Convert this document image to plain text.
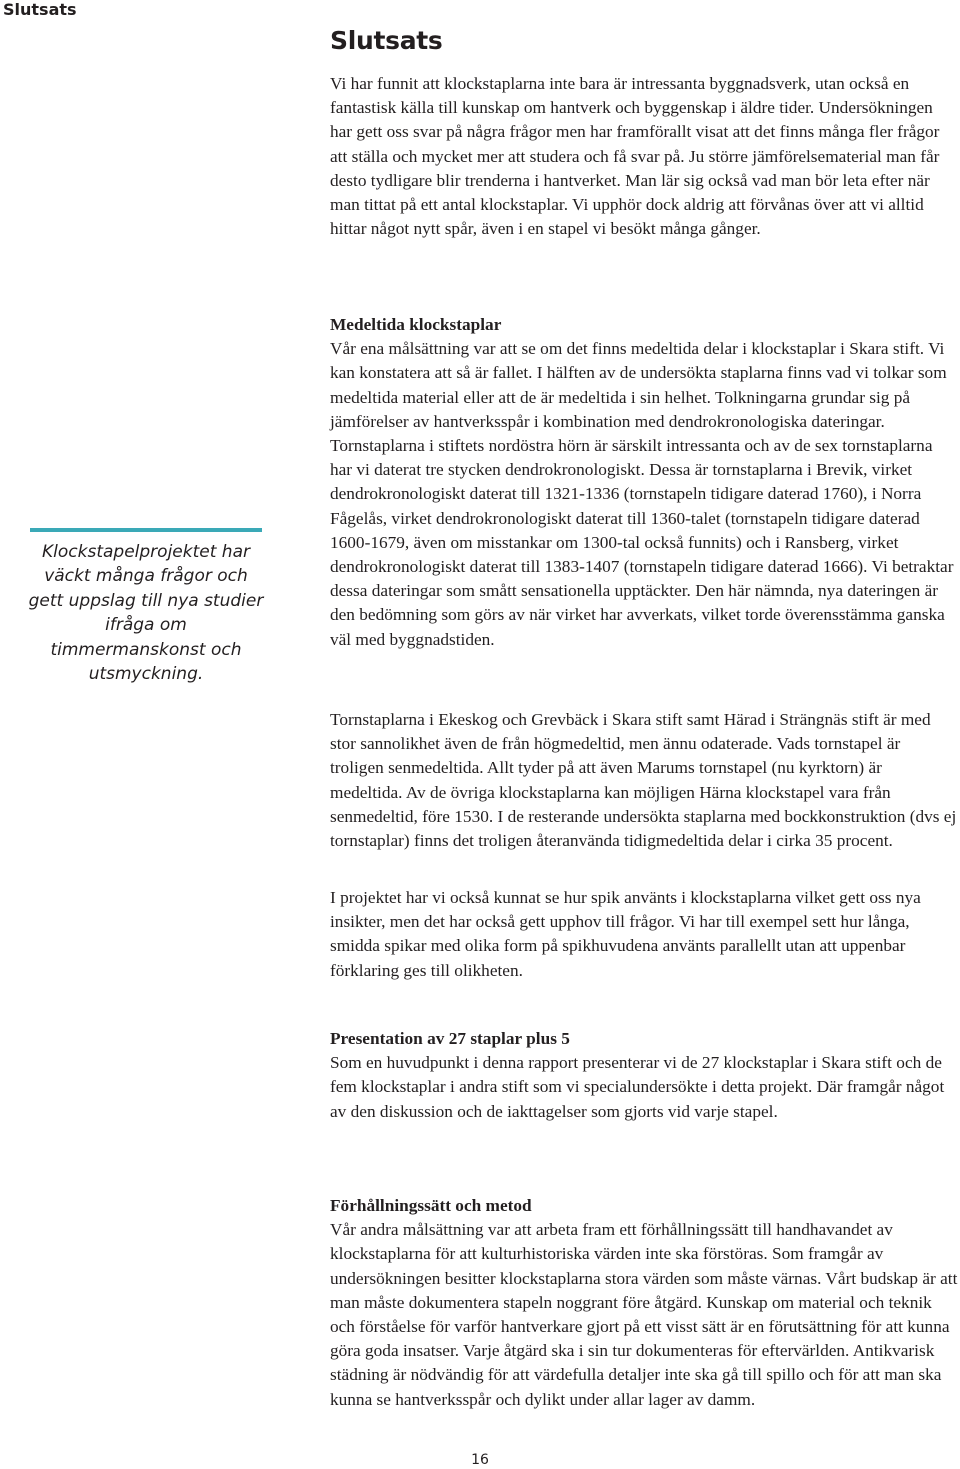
Slutsats
Slutsats

Vi har funnit att klockstaplarna inte bara är intressanta byggnadsverk, utan också en fantastisk källa till kunskap om hantverk och byggenskap i äldre tider. Undersökningen har gett oss svar på några frågor men har framförallt visat att det finns många fler frågor att ställa och mycket mer att studera och få svar på. Ju större jämförelsematerial man får desto tydligare blir trenderna i hantverket. Man lär sig också vad man bör leta efter när man tittat på ett antal klockstaplar. Vi upphör dock aldrig att förvånas över att vi alltid hittar något nytt spår, även i en stapel vi besökt många gånger.

Klockstapelprojektet har väckt många frågor och gett uppslag till nya studier ifråga om timmermanskonst och utsmyckning.

Medeltida klockstaplar

Vår ena målsättning var att se om det finns medeltida delar i klockstaplar i Skara stift. Vi kan konstatera att så är fallet. I hälften av de undersökta staplarna finns vad vi tolkar som medeltida material eller att de är medeltida i sin helhet. Tolkningarna grundar sig på jämförelser av hantverksspår i kombination med dendrokronologiska dateringar. Tornstaplarna i stiftets nordöstra hörn är särskilt intressanta och av de sex tornstaplarna har vi daterat tre stycken dendrokronologiskt. Dessa är tornstaplarna i Brevik, virket dendrokronologiskt daterat till 1321-1336 (tornstapeln tidigare daterad 1760), i Norra Fågelås, virket dendrokronologiskt daterat till 1360-talet (tornstapeln tidigare daterad 1600-1679, även om misstankar om 1300-tal också funnits) och i Ransberg, virket dendrokronologiskt daterat till 1383-1407 (tornstapeln tidigare daterad 1666). Vi betraktar dessa dateringar som smått sensationella upptäckter. Den här nämnda, nya dateringen är den bedömning som görs av när virket har avverkats, vilket torde överensstämma ganska väl med byggnadstiden.

Tornstaplarna i Ekeskog och Grevbäck i Skara stift samt Härad i Strängnäs stift är med stor sannolikhet även de från högmedeltid, men ännu odaterade. Vads tornstapel är troligen senmedeltida. Allt tyder på att även Marums tornstapel (nu kyrktorn) är medeltida. Av de övriga klockstaplarna kan möjligen Härna klockstapel vara från senmedeltid, före 1530. I de resterande undersökta staplarna med bockkonstruktion (dvs ej tornstaplar) finns det troligen återanvända tidigmedeltida delar i cirka 35 procent.

I projektet har vi också kunnat se hur spik använts i klockstaplarna vilket gett oss nya insikter, men det har också gett upphov till frågor. Vi har till exempel sett hur långa, smidda spikar med olika form på spikhuvudena använts parallellt utan att uppenbar förklaring ges till olikheten.

Presentation av 27 staplar plus 5

Som en huvudpunkt i denna rapport presenterar vi de 27 klockstaplar i Skara stift och de fem klockstaplar i andra stift som vi specialundersökte i detta projekt. Där framgår något av den diskussion och de iakttagelser som gjorts vid varje stapel.

Förhållningssätt och metod

Vår andra målsättning var att arbeta fram ett förhållningssätt till handhavandet av klockstaplarna för att kulturhistoriska värden inte ska förstöras. Som framgår av undersökningen besitter klockstaplarna stora värden som måste värnas. Vårt budskap är att man måste dokumentera stapeln noggrant före åtgärd. Kunskap om material och teknik och förståelse för varför hantverkare gjort på ett visst sätt är en förutsättning för att kunna göra goda insatser. Varje åtgärd ska i sin tur dokumenteras för eftervärlden. Antikvarisk städning är nödvändig för att värdefulla detaljer inte ska gå till spillo och för att man ska kunna se hantverksspår och dylikt under allar lager av damm.

16
